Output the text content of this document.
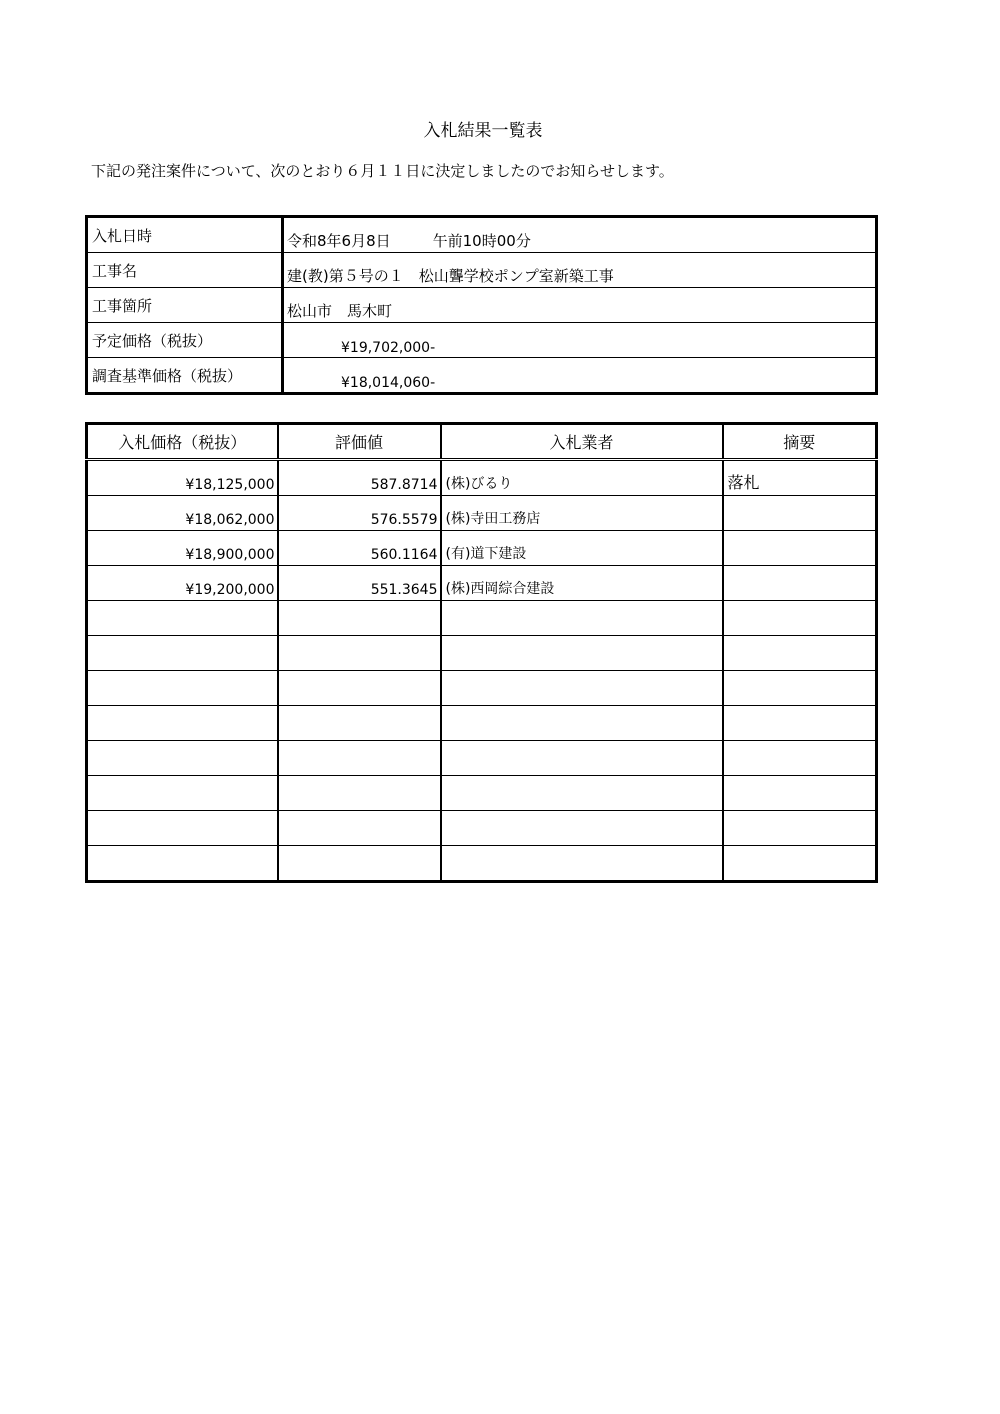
入札結果一覧表
下記の発注案件について、次のとおり６月１１日に決定しましたのでお知らせします。
入札日時	令和8年6月8日 午前10時00分
工事名	建(教)第５号の１　松山聾学校ポンプ室新築工事
工事箇所	松山市　馬木町
予定価格（税抜）	¥19,702,000-
調査基準価格（税抜）	¥18,014,060-
入札価格（税抜）	評価値	入札業者	摘要
¥18,125,000	587.8714	(株)びるり	落札
¥18,062,000	576.5579	(株)寺田工務店	
¥18,900,000	560.1164	(有)道下建設	
¥19,200,000	551.3645	(株)西岡綜合建設	
